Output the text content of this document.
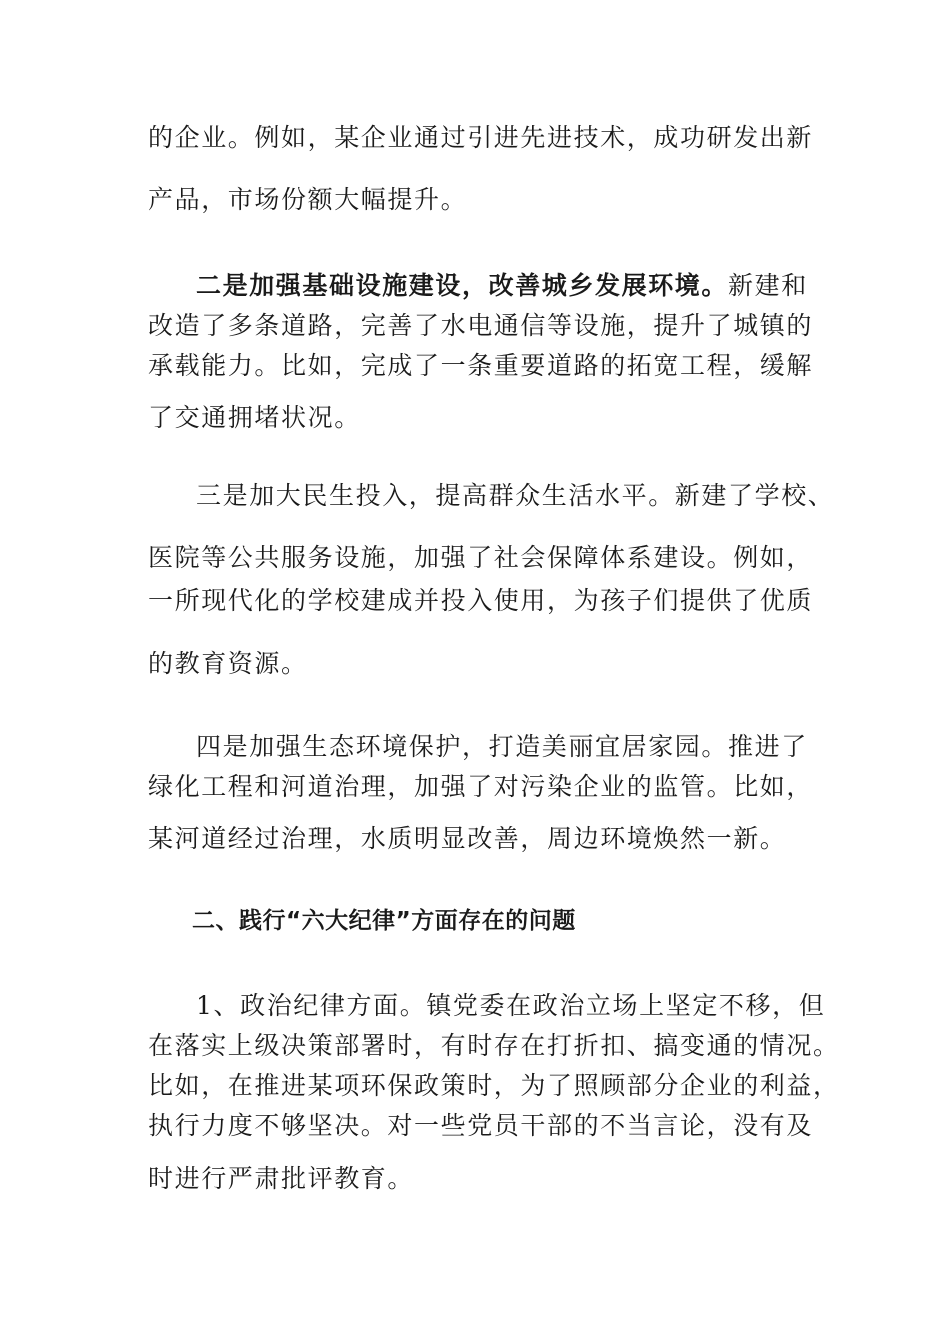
的企业。例如，某企业通过引进先进技术，成功研发出新
产品，市场份额大幅提升。
二是加强基础设施建设，改善城乡发展环境。新建和
改造了多条道路，完善了水电通信等设施，提升了城镇的
承载能力。比如，完成了一条重要道路的拓宽工程，缓解
了交通拥堵状况。
三是加大民生投入，提高群众生活水平。新建了学校、
医院等公共服务设施，加强了社会保障体系建设。例如，
一所现代化的学校建成并投入使用，为孩子们提供了优质
的教育资源。
四是加强生态环境保护，打造美丽宜居家园。推进了
绿化工程和河道治理，加强了对污染企业的监管。比如，
某河道经过治理，水质明显改善，周边环境焕然一新。
二、践行“六大纪律”方面存在的问题
1、政治纪律方面。镇党委在政治立场上坚定不移，但
在落实上级决策部署时，有时存在打折扣、搞变通的情况。
比如，在推进某项环保政策时，为了照顾部分企业的利益，
执行力度不够坚决。对一些党员干部的不当言论，没有及
时进行严肃批评教育。
